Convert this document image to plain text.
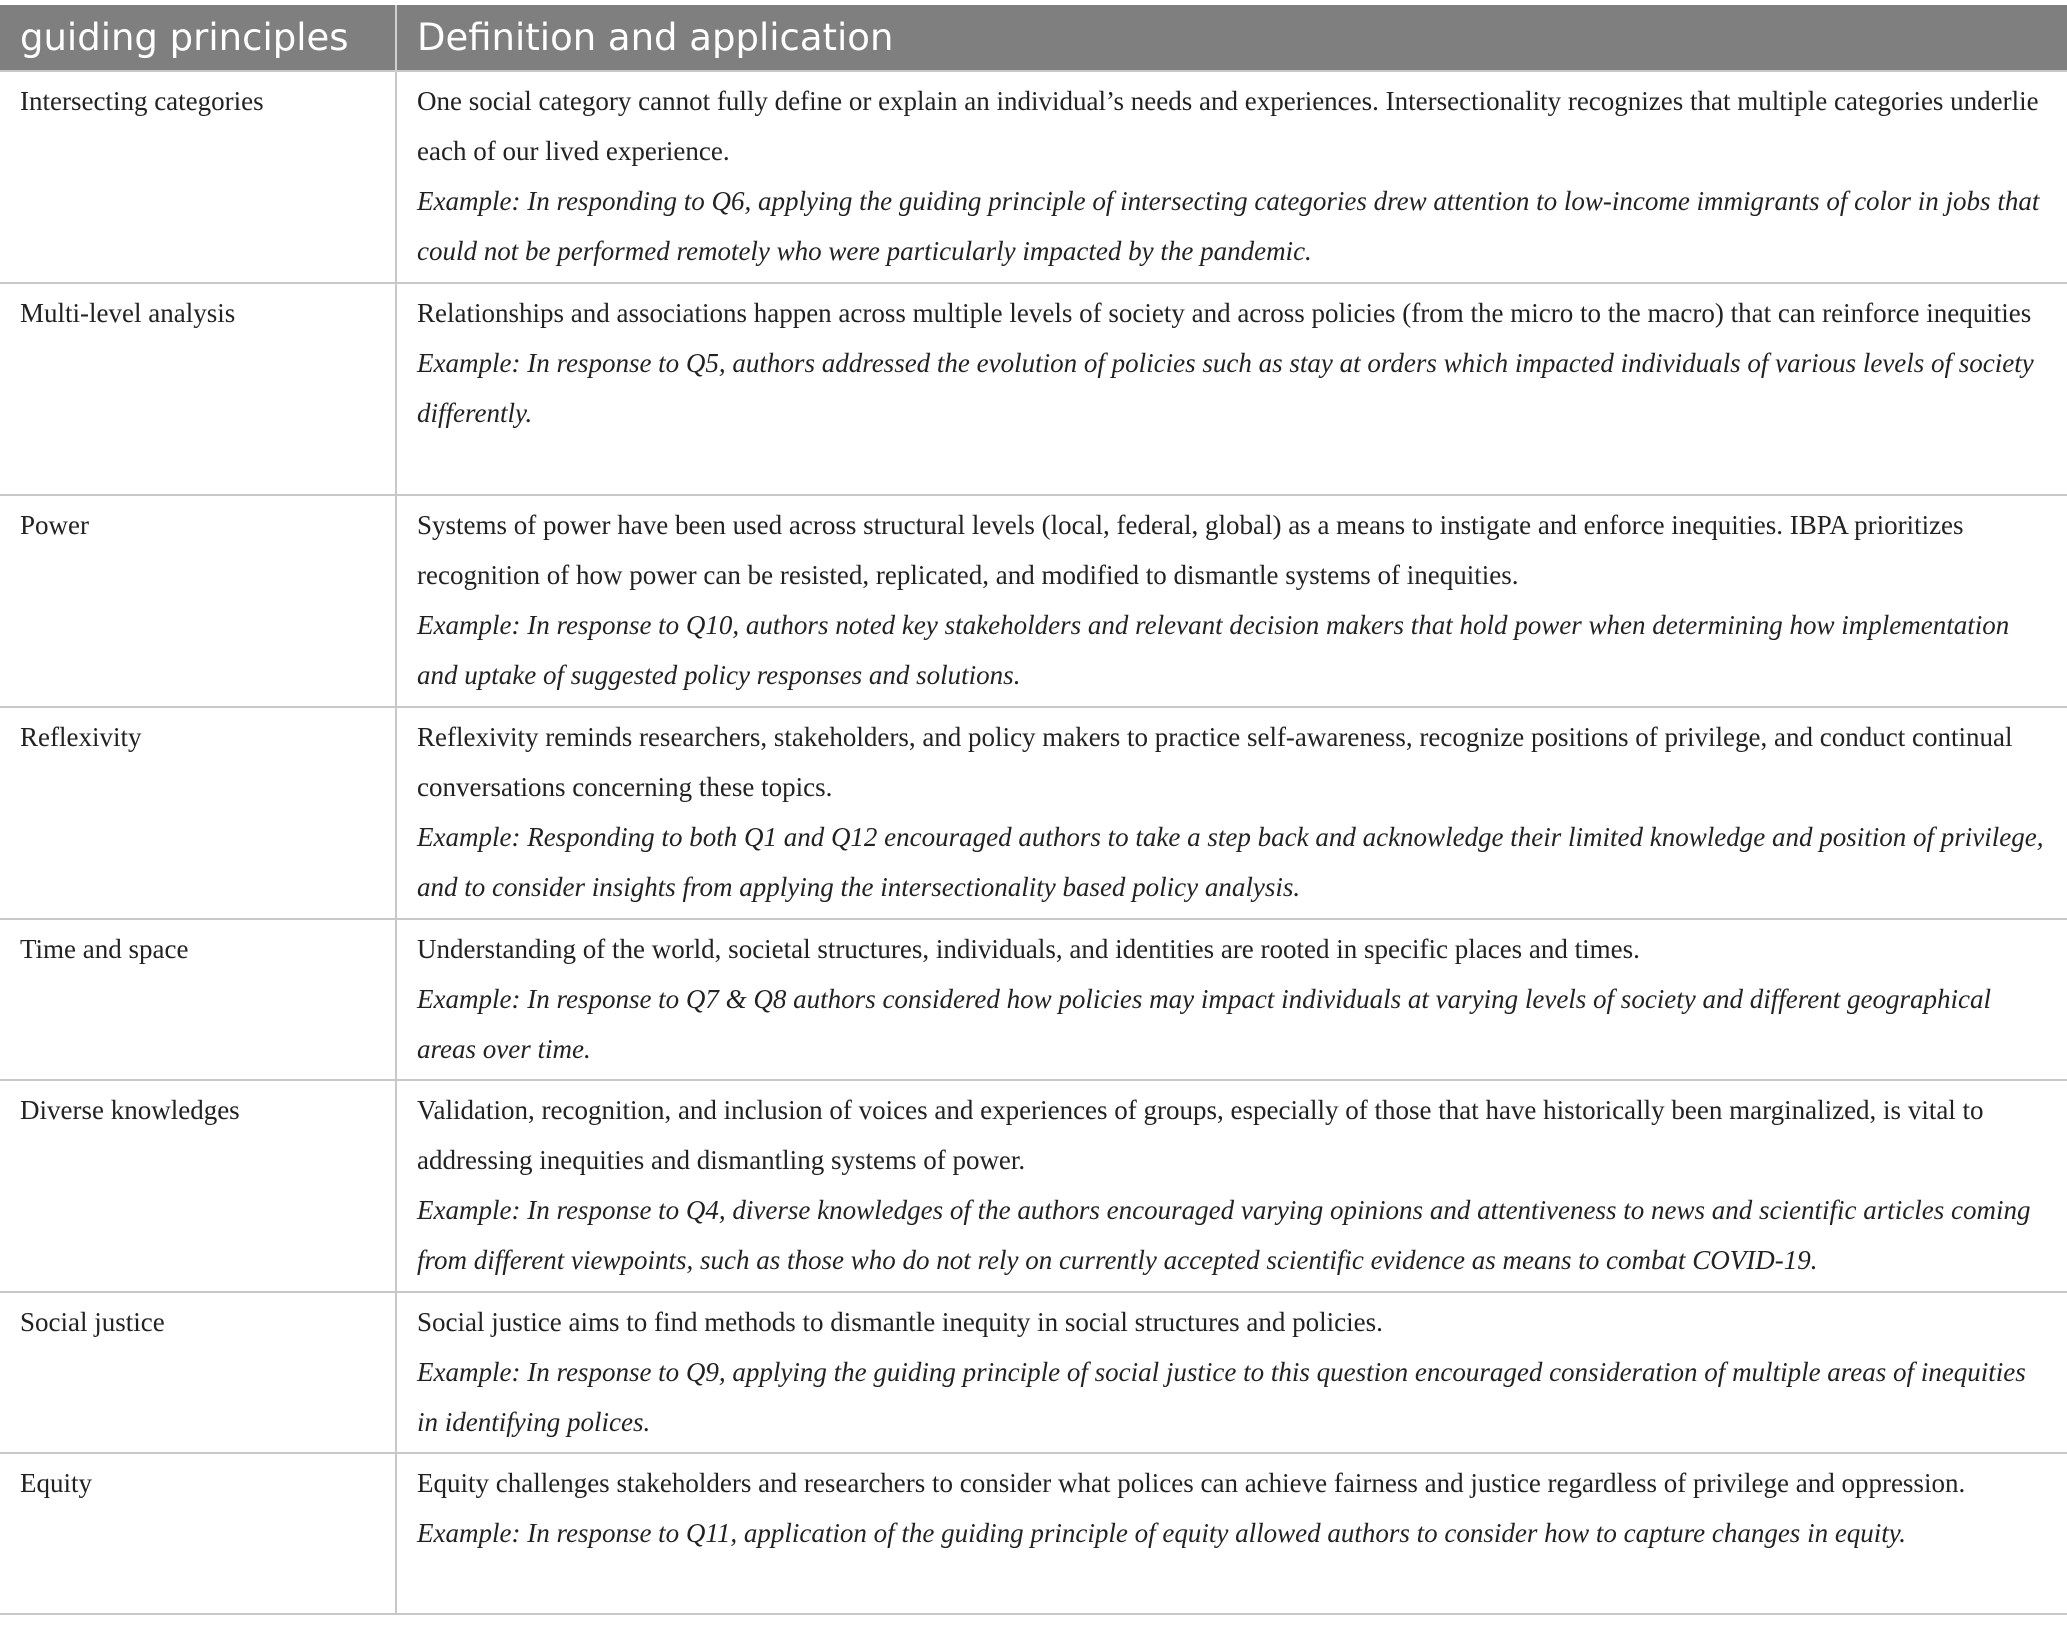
guiding principles	Definition and application
Intersecting categories	One social category cannot fully define or explain an individual’s needs and experiences. Intersectionality recognizes that multiple categories underlie each of our lived experience.
Example: In responding to Q6, applying the guiding principle of intersecting categories drew attention to low-income immigrants of color in jobs that could not be performed remotely who were particularly impacted by the pandemic.

Multi-level analysis	Relationships and associations happen across multiple levels of society and across policies (from the micro to the macro) that can reinforce inequities
Example: In response to Q5, authors addressed the evolution of policies such as stay at orders which impacted individuals of various levels of society differently.

Power	Systems of power have been used across structural levels (local, federal, global) as a means to instigate and enforce inequities. IBPA prioritizes recognition of how power can be resisted, replicated, and modified to dismantle systems of inequities.
Example: In response to Q10, authors noted key stakeholders and relevant decision makers that hold power when determining how implementation and uptake of suggested policy responses and solutions.

Reflexivity	Reflexivity reminds researchers, stakeholders, and policy makers to practice self-awareness, recognize positions of privilege, and conduct continual conversations concerning these topics.
Example: Responding to both Q1 and Q12 encouraged authors to take a step back and acknowledge their limited knowledge and position of privilege, and to consider insights from applying the intersectionality based policy analysis.

Time and space	Understanding of the world, societal structures, individuals, and identities are rooted in specific places and times.
Example: In response to Q7 & Q8 authors considered how policies may impact individuals at varying levels of society and different geographical areas over time.

Diverse knowledges	Validation, recognition, and inclusion of voices and experiences of groups, especially of those that have historically been marginalized, is vital to addressing inequities and dismantling systems of power.
Example: In response to Q4, diverse knowledges of the authors encouraged varying opinions and attentiveness to news and scientific articles coming from different viewpoints, such as those who do not rely on currently accepted scientific evidence as means to combat COVID-19.

Social justice	Social justice aims to find methods to dismantle inequity in social structures and policies.
Example: In response to Q9, applying the guiding principle of social justice to this question encouraged consideration of multiple areas of inequities in identifying polices.

Equity	Equity challenges stakeholders and researchers to consider what polices can achieve fairness and justice regardless of privilege and oppression.
Example: In response to Q11, application of the guiding principle of equity allowed authors to consider how to capture changes in equity.
